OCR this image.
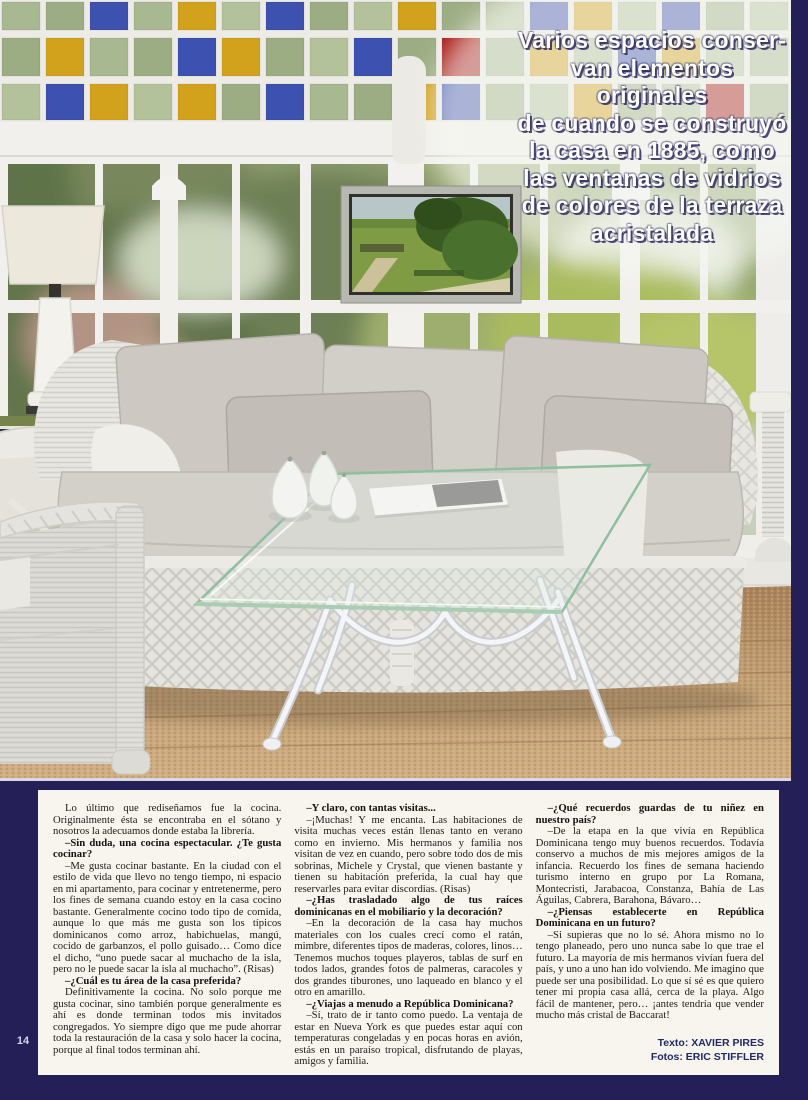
Varios espacios conser-
van elementos originales
de cuando se construyó
la casa en 1885, como
las ventanas de vidrios
de colores de la terraza
acristalada

Lo último que rediseñamos fue la cocina. Originalmente ésta se encontraba en el sótano y nosotros la adecuamos donde estaba la librería.

–Sin duda, una cocina espectacular. ¿Te gusta cocinar?

–Me gusta cocinar bastante. En la ciudad con el estilo de vida que llevo no tengo tiempo, ni espacio en mi apartamento, para cocinar y entretenerme, pero los fines de semana cuando estoy en la casa cocino bastante. Generalmente cocino todo tipo de comida, aunque lo que más me gusta son los típicos dominicanos como arroz, habichuelas, mangú, cocido de garbanzos, el pollo guisado… Como dice el dicho, “uno puede sacar al muchacho de la isla, pero no le puede sacar la isla al muchacho”. (Risas)

–¿Cuál es tu área de la casa preferida?

Definitivamente la cocina. No solo porque me gusta cocinar, sino también porque generalmente es ahí es donde terminan todos mis invitados congregados. Yo siempre digo que me pude ahorrar toda la restauración de la casa y solo hacer la cocina, porque al final todos terminan ahí.

–Y claro, con tantas visitas...

–¡Muchas! Y me encanta. Las habitaciones de visita muchas veces están llenas tanto en verano como en invierno. Mis hermanos y familia nos visitan de vez en cuando, pero sobre todo dos de mis sobrinas, Michele y Crystal, que vienen bastante y tienen su habitación preferida, la cual hay que reservarles para evitar discordias. (Risas)

–¿Has trasladado algo de tus raíces dominicanas en el mobiliario y la decoración?

–En la decoración de la casa hay muchos materiales con los cuales crecí como el ratán, mimbre, diferentes tipos de maderas, colores, linos… Tenemos muchos toques playeros, tablas de surf en todos lados, grandes fotos de palmeras, caracoles y dos grandes tiburones, uno laqueado en blanco y el otro en amarillo.

–¿Viajas a menudo a República Dominicana?

–Sí, trato de ir tanto como puedo. La ventaja de estar en Nueva York es que puedes estar aquí con temperaturas congeladas y en pocas horas en avión, estás en un paraíso tropical, disfrutando de playas, amigos y familia.

–¿Qué recuerdos guardas de tu niñez en nuestro país?

–De la etapa en la que vivía en República Dominicana tengo muy buenos recuerdos. Todavía conservo a muchos de mis mejores amigos de la infancia. Recuerdo los fines de semana haciendo turismo interno en grupo por La Romana, Montecristi, Jarabacoa, Constanza, Bahía de Las Águilas, Cabrera, Barahona, Bávaro…

–¿Piensas establecerte en República Dominicana en un futuro?

–Si supieras que no lo sé. Ahora mismo no lo tengo planeado, pero uno nunca sabe lo que trae el futuro. La mayoría de mis hermanos vivían fuera del país, y uno a uno han ido volviendo. Me imagino que puede ser una posibilidad. Lo que sí sé es que quiero tener mi propia casa allá, cerca de la playa. Algo fácil de mantener, pero… ¡antes tendría que vender mucho más cristal de Baccarat!

Texto: XAVIER PIRES
Fotos: ERIC STIFFLER
14
